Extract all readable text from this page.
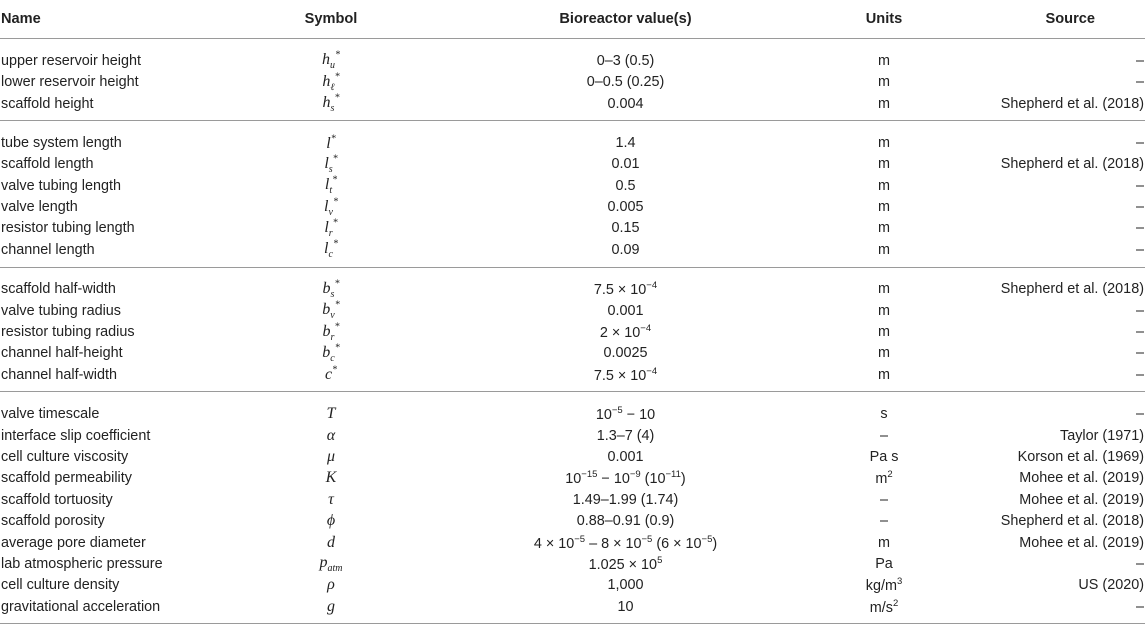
Name	Symbol	Bioreactor value(s)	Units	Source
upper reservoir height	$h_u^*$	0–3 (0.5)	m	–
lower reservoir height	$h_\ell^*$	0–0.5 (0.25)	m	–
scaffold height	$h_s^*$	0.004	m	Shepherd et al. (2018)
tube system length	l*	1.4	m	–
scaffold length	$l_s^*$	0.01	m	Shepherd et al. (2018)
valve tubing length	$l_t^*$	0.5	m	–
valve length	$l_v^*$	0.005	m	–
resistor tubing length	$l_r^*$	0.15	m	–
channel length	$l_c^*$	0.09	m	–
scaffold half-width	$b_s^*$	$7.5 \times 10^{-4}$	m	Shepherd et al. (2018)
valve tubing radius	$b_v^*$	0.001	m	–
resistor tubing radius	$b_r^*$	$2 \times 10^{-4}$	m	–
channel half-height	$b_c^*$	0.0025	m	–
channel half-width	c*	$7.5 \times 10^{-4}$	m	–
valve timescale	T	$10^{-5} - 10$	s	–
interface slip coefficient	α	1.3–7 (4)	–	Taylor (1971)
cell culture viscosity	μ	0.001	Pa s	Korson et al. (1969)
scaffold permeability	K	$10^{-15} - 10^{-9}$ $(10^{-11})$	$m^2$	Mohee et al. (2019)
scaffold tortuosity	τ	1.49–1.99 (1.74)	–	Mohee et al. (2019)
scaffold porosity	ϕ	0.88–0.91 (0.9)	–	Shepherd et al. (2018)
average pore diameter	d	$4 \times 10^{-5} - 8 \times 10^{-5}$ $(6 \times 10^{-5})$	m	Mohee et al. (2019)
lab atmospheric pressure	$p_{atm}$	$1.025 \times 10^5$	Pa	–
cell culture density	ρ	1,000	$kg/m^3$	US (2020)
gravitational acceleration	g	10	$m/s^2$	–
